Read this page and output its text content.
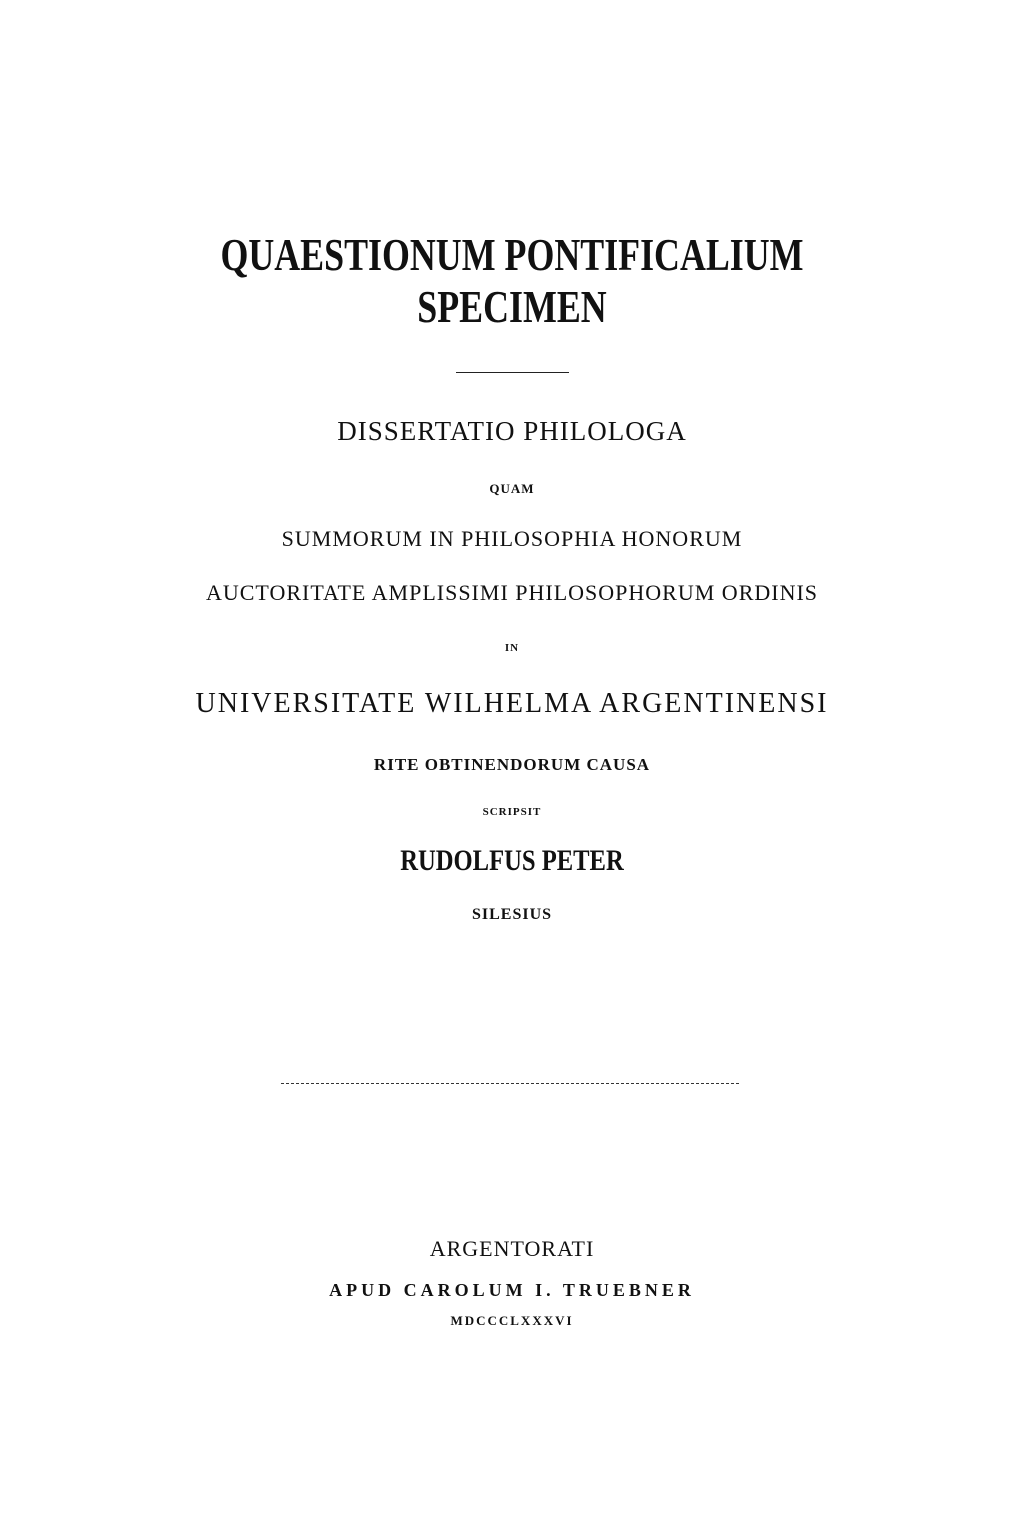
QUAESTIONUM PONTIFICALIUM
SPECIMEN
DISSERTATIO PHILOLOGA
QUAM
SUMMORUM IN PHILOSOPHIA HONORUM
AUCTORITATE AMPLISSIMI PHILOSOPHORUM ORDINIS
IN
UNIVERSITATE WILHELMA ARGENTINENSI
RITE OBTINENDORUM CAUSA
SCRIPSIT
RUDOLFUS PETER
SILESIUS
ARGENTORATI
APUD CAROLUM I. TRUEBNER
MDCCCLXXXVI
